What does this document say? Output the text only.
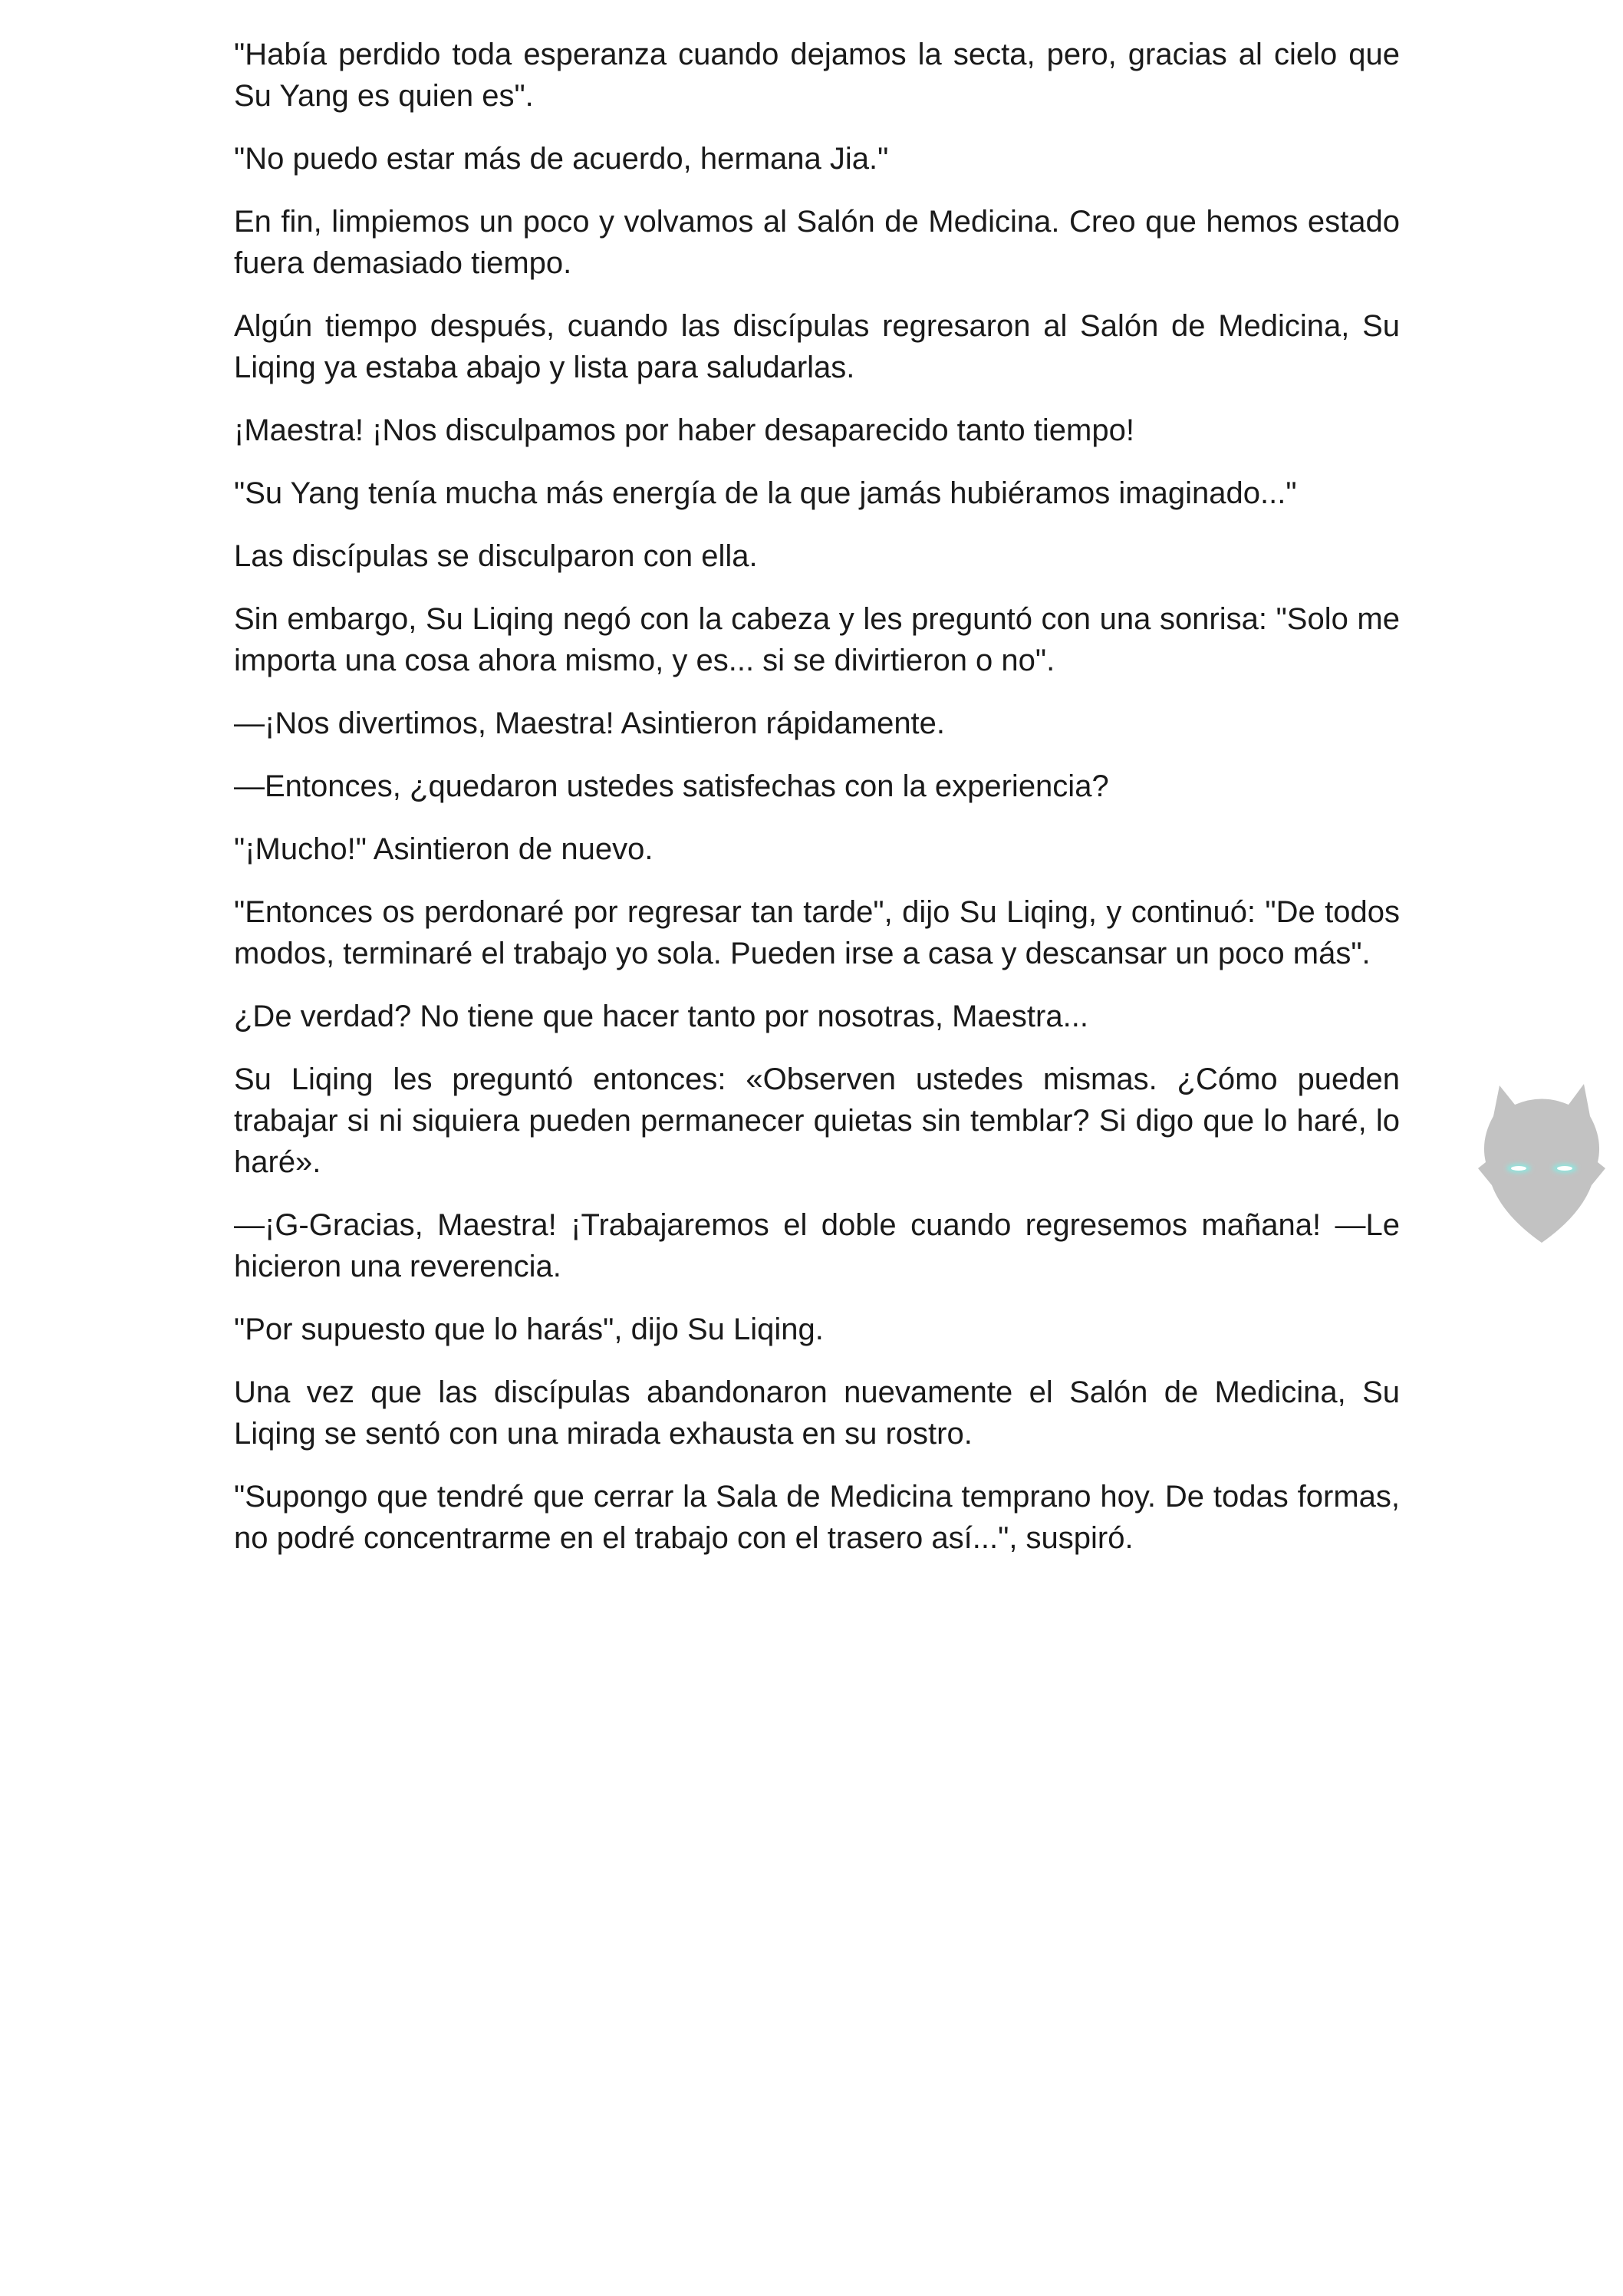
"Había perdido toda esperanza cuando dejamos la secta, pero, gracias al cielo que Su Yang es quien es".

"No puedo estar más de acuerdo, hermana Jia."

En fin, limpiemos un poco y volvamos al Salón de Medicina. Creo que hemos estado fuera demasiado tiempo.

Algún tiempo después, cuando las discípulas regresaron al Salón de Medicina, Su Liqing ya estaba abajo y lista para saludarlas.

¡Maestra! ¡Nos disculpamos por haber desaparecido tanto tiempo!

"Su Yang tenía mucha más energía de la que jamás hubiéramos imaginado..."

Las discípulas se disculparon con ella.

Sin embargo, Su Liqing negó con la cabeza y les preguntó con una sonrisa: "Solo me importa una cosa ahora mismo, y es... si se divirtieron o no".

—¡Nos divertimos, Maestra! Asintieron rápidamente.

—Entonces, ¿quedaron ustedes satisfechas con la experiencia?

"¡Mucho!" Asintieron de nuevo.

"Entonces os perdonaré por regresar tan tarde", dijo Su Liqing, y continuó: "De todos modos, terminaré el trabajo yo sola. Pueden irse a casa y descansar un poco más".

¿De verdad? No tiene que hacer tanto por nosotras, Maestra...

Su Liqing les preguntó entonces: «Observen ustedes mismas. ¿Cómo pueden trabajar si ni siquiera pueden permanecer quietas sin temblar? Si digo que lo haré, lo haré».

—¡G-Gracias, Maestra! ¡Trabajaremos el doble cuando regresemos mañana! —Le hicieron una reverencia.

"Por supuesto que lo harás", dijo Su Liqing.

Una vez que las discípulas abandonaron nuevamente el Salón de Medicina, Su Liqing se sentó con una mirada exhausta en su rostro.

"Supongo que tendré que cerrar la Sala de Medicina temprano hoy. De todas formas, no podré concentrarme en el trabajo con el trasero así...", suspiró.
